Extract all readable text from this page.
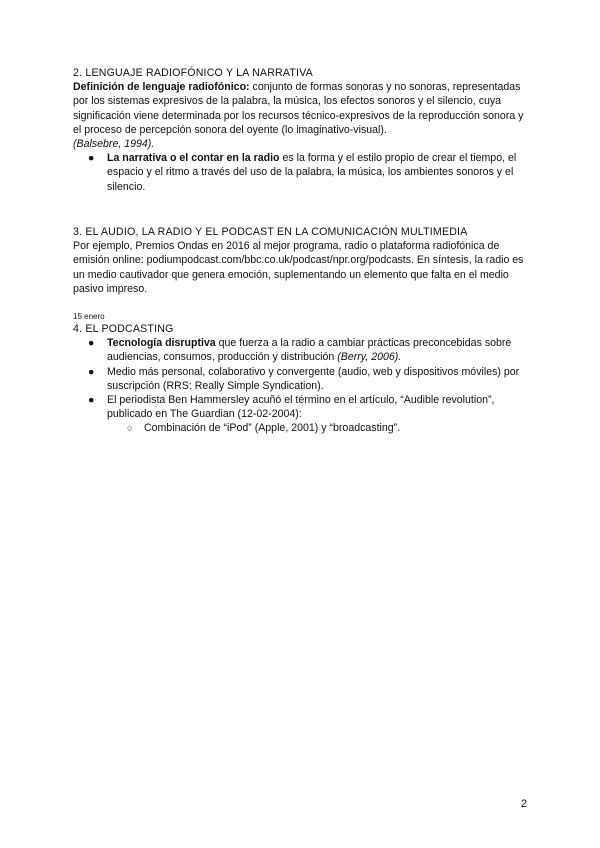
2. LENGUAJE RADIOFÓNICO Y LA NARRATIVA

Definición de lenguaje radiofónico: conjunto de formas sonoras y no sonoras, representadas por los sistemas expresivos de la palabra, la música, los efectos sonoros y el silencio, cuya significación viene determinada por los recursos técnico-expresivos de la reproducción sonora y el proceso de percepción sonora del oyente (lo imaginativo-visual).

(Balsebre, 1994).

● La narrativa o el contar en la radio es la forma y el estilo propio de crear el tiempo, el espacio y el ritmo a través del uso de la palabra, la música, los ambientes sonoros y el silencio.

3. EL AUDIO, LA RADIO Y EL PODCAST EN LA COMUNICACIÓN MULTIMEDIA

Por ejemplo, Premios Ondas en 2016 al mejor programa, radio o plataforma radiofónica de emisión online: podiumpodcast.com/bbc.co.uk/podcast/npr.org/podcasts. En síntesis, la radio es un medio cautivador que genera emoción, suplementando un elemento que falta en el medio pasivo impreso.

15 enero

4. EL PODCASTING

● Tecnología disruptiva que fuerza a la radio a cambiar prácticas preconcebidas sobre audiencias, consumos, producción y distribución (Berry, 2006).
● Medio más personal, colaborativo y convergente (audio, web y dispositivos móviles) por suscripción (RRS: Really Simple Syndication).
● El periodista Ben Hammersley acuñó el término en el artículo, “Audible revolution”, publicado en The Guardian (12-02-2004):
○ Combinación de “iPod” (Apple, 2001) y “broadcasting”.
2
